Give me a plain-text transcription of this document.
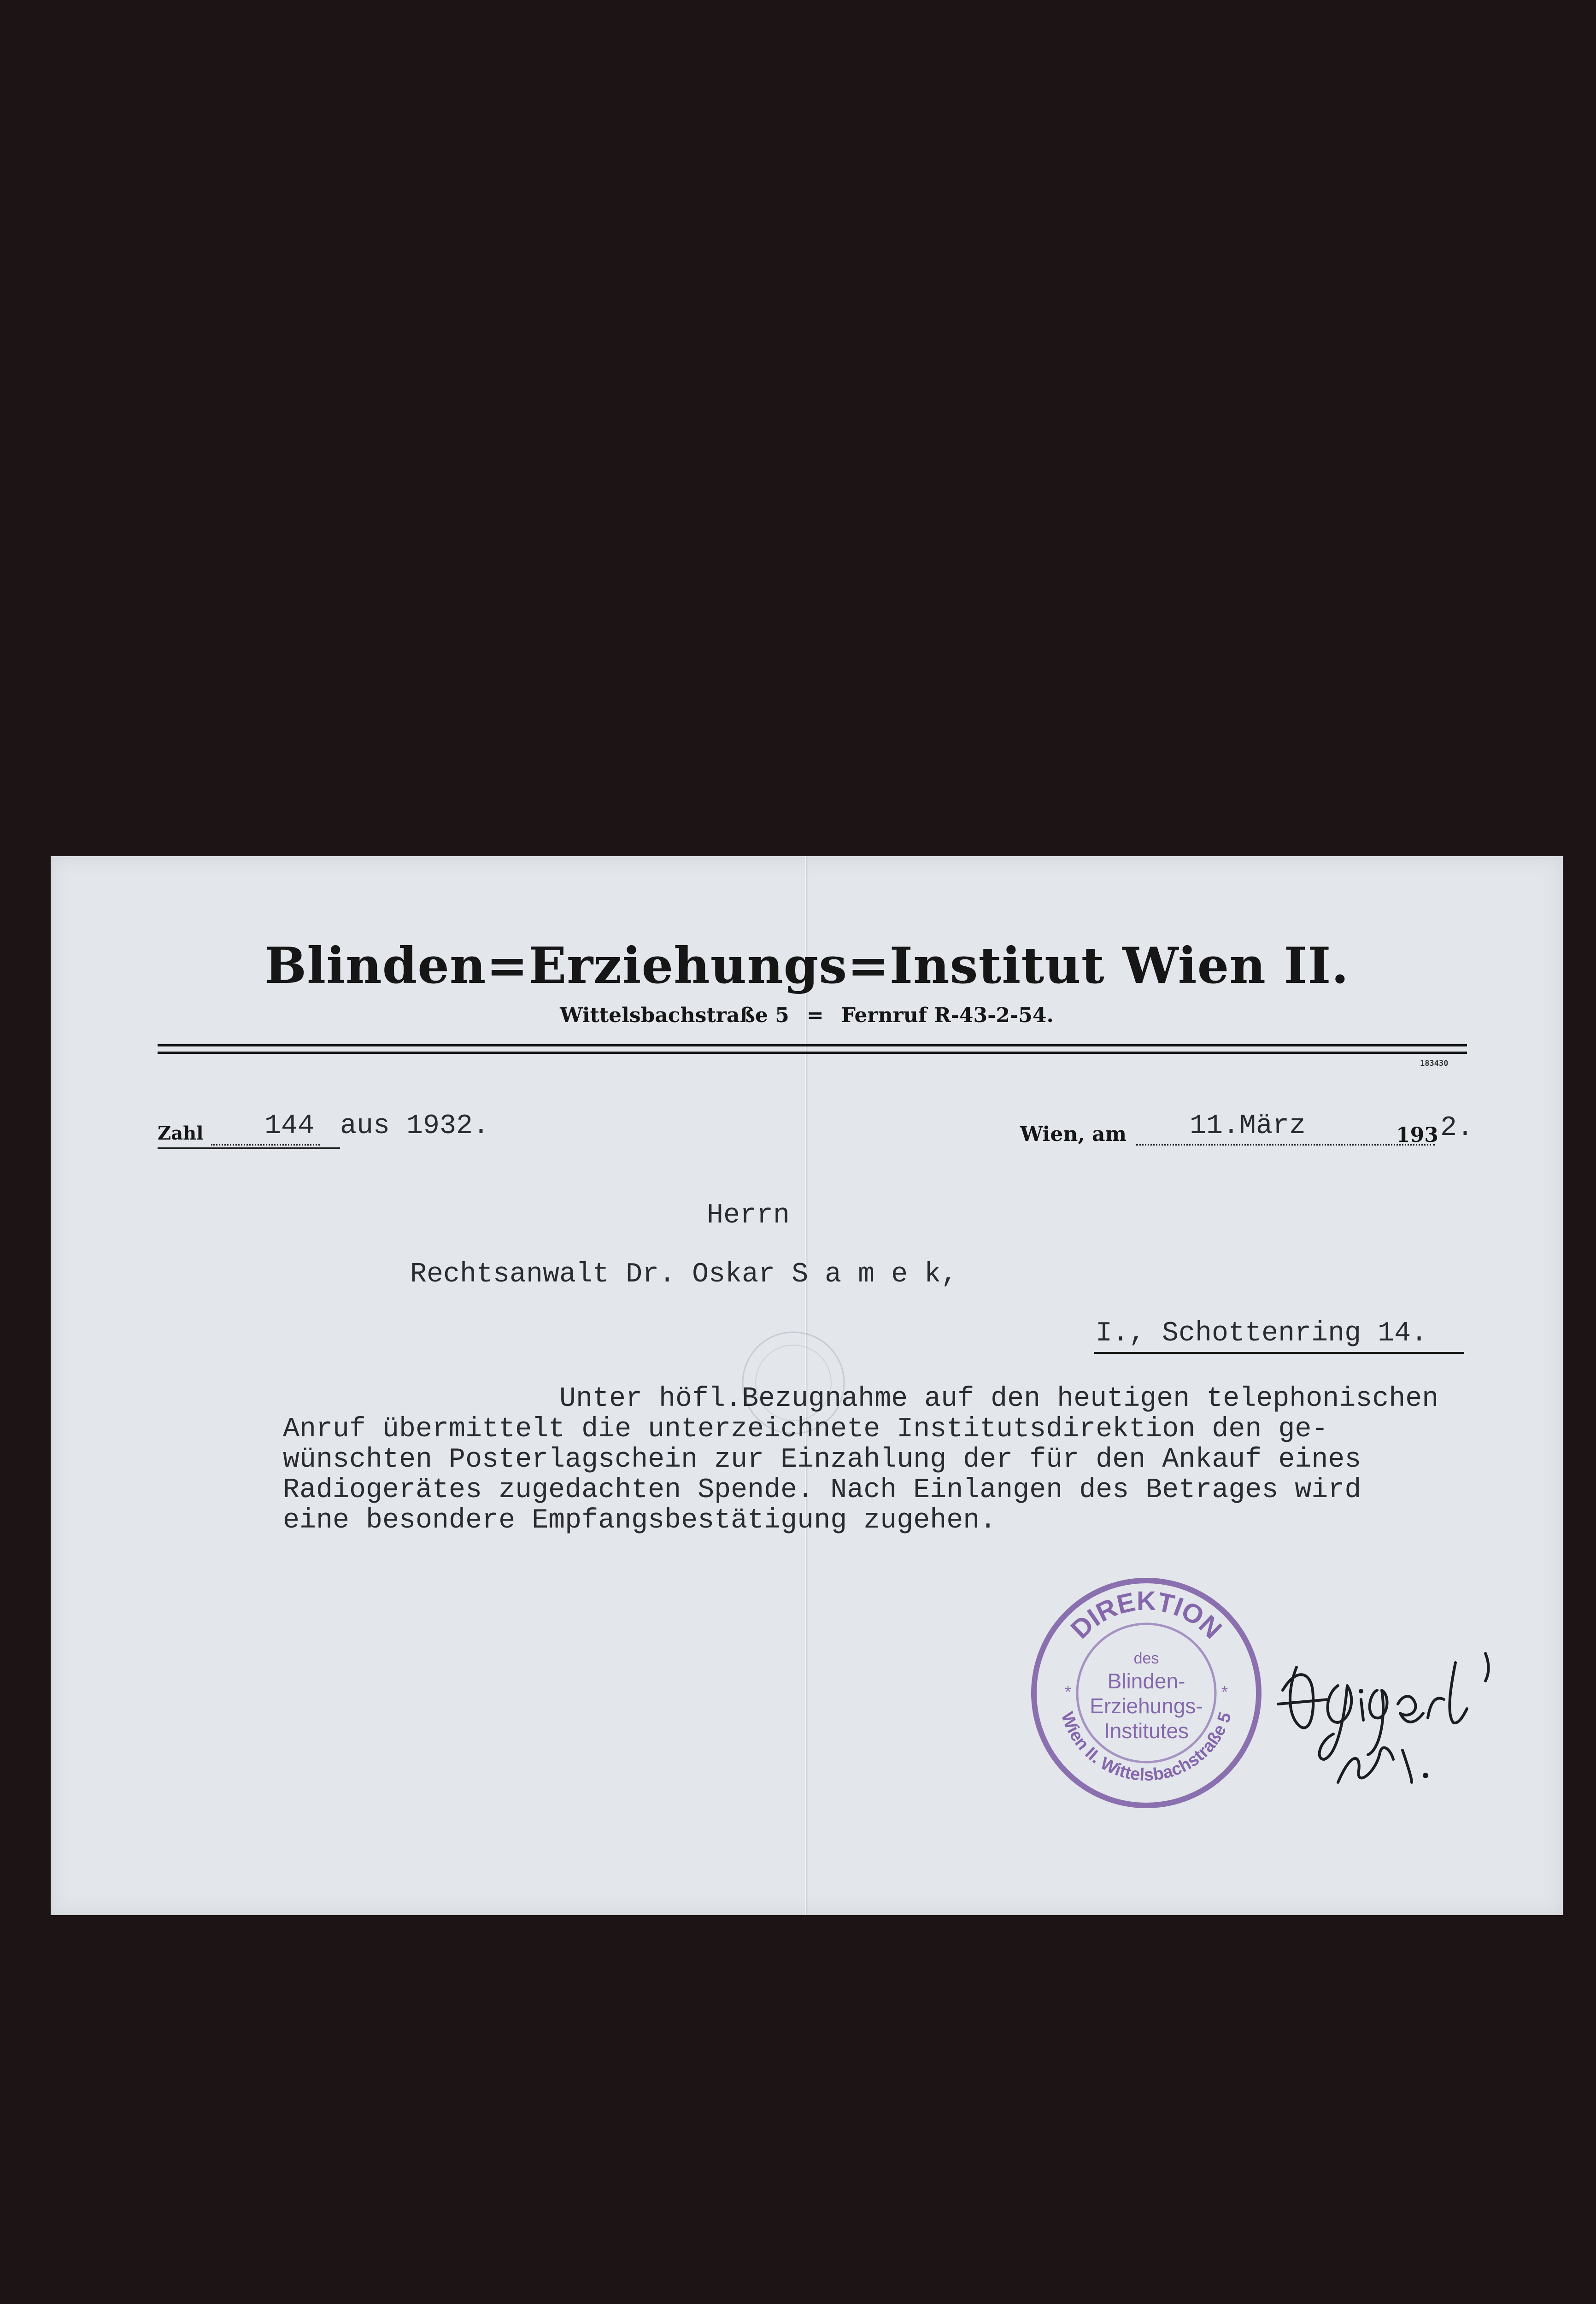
Blinden=Erziehungs=Institut Wien II.
Wittelsbachstraße 5 = Fernruf R-43-2-54.
183430
Zahl 144 aus 1932.	Wien, am 11.März	193 2.
Herrn
Rechtsanwalt Dr. Oskar S a m e k,
I., Schottenring 14.
Unter höfl.Bezugnahme auf den heutigen telephonischen
Anruf übermittelt die unterzeichnete Institutsdirektion den ge-
wünschten Posterlagschein zur Einzahlung der für den Ankauf eines
Radiogerätes zugedachten Spende. Nach Einlangen des Betrages wird
eine besondere Empfangsbestätigung zugehen.
DIREKTION
Wien II. Wittelsbachstraße 5
*	*
des
Blinden-
Erziehungs-
Institutes
